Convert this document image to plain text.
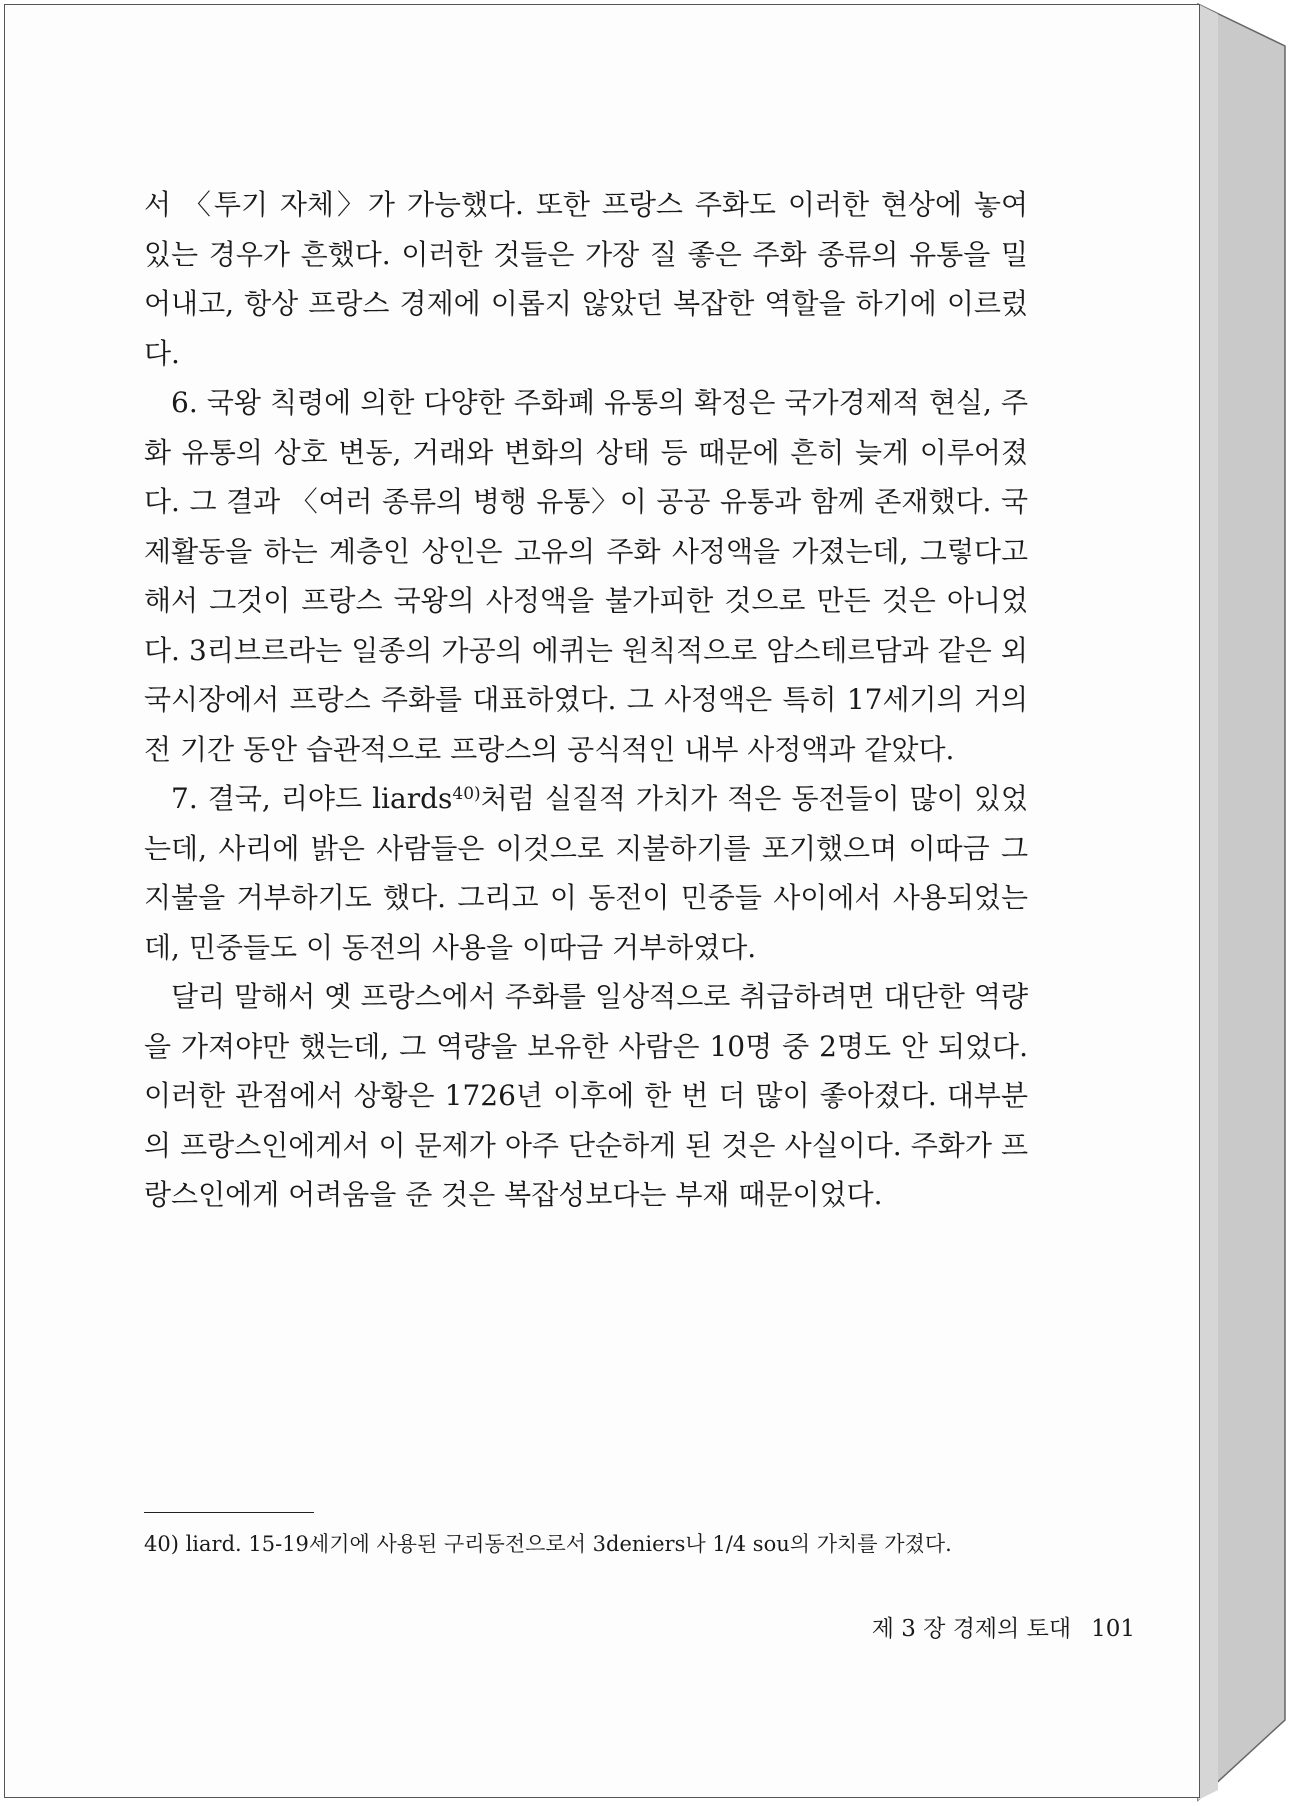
서 〈투기 자체〉가 가능했다. 또한 프랑스 주화도 이러한 현상에 놓여 있는 경우가 흔했다. 이러한 것들은 가장 질 좋은 주화 종류의 유통을 밀어내고, 항상 프랑스 경제에 이롭지 않았던 복잡한 역할을 하기에 이르렀다.

6. 국왕 칙령에 의한 다양한 주화폐 유통의 확정은 국가경제적 현실, 주화 유통의 상호 변동, 거래와 변화의 상태 등 때문에 흔히 늦게 이루어졌다. 그 결과 〈여러 종류의 병행 유통〉이 공공 유통과 함께 존재했다. 국제활동을 하는 계층인 상인은 고유의 주화 사정액을 가졌는데, 그렇다고 해서 그것이 프랑스 국왕의 사정액을 불가피한 것으로 만든 것은 아니었다. 3리브르라는 일종의 가공의 에퀴는 원칙적으로 암스테르담과 같은 외국시장에서 프랑스 주화를 대표하였다. 그 사정액은 특히 17세기의 거의 전 기간 동안 습관적으로 프랑스의 공식적인 내부 사정액과 같았다.

7. 결국, 리야드 liards$^{40)}$처럼 실질적 가치가 적은 동전들이 많이 있었는데, 사리에 밝은 사람들은 이것으로 지불하기를 포기했으며 이따금 그 지불을 거부하기도 했다. 그리고 이 동전이 민중들 사이에서 사용되었는데, 민중들도 이 동전의 사용을 이따금 거부하였다.

달리 말해서 옛 프랑스에서 주화를 일상적으로 취급하려면 대단한 역량을 가져야만 했는데, 그 역량을 보유한 사람은 10명 중 2명도 안 되었다. 이러한 관점에서 상황은 1726년 이후에 한 번 더 많이 좋아졌다. 대부분의 프랑스인에게서 이 문제가 아주 단순하게 된 것은 사실이다. 주화가 프랑스인에게 어려움을 준 것은 복잡성보다는 부재 때문이었다.

40) liard. 15-19세기에 사용된 구리동전으로서 3deniers나 1/4 sou의 가치를 가졌다.
제 3 장 경제의 토대 101
